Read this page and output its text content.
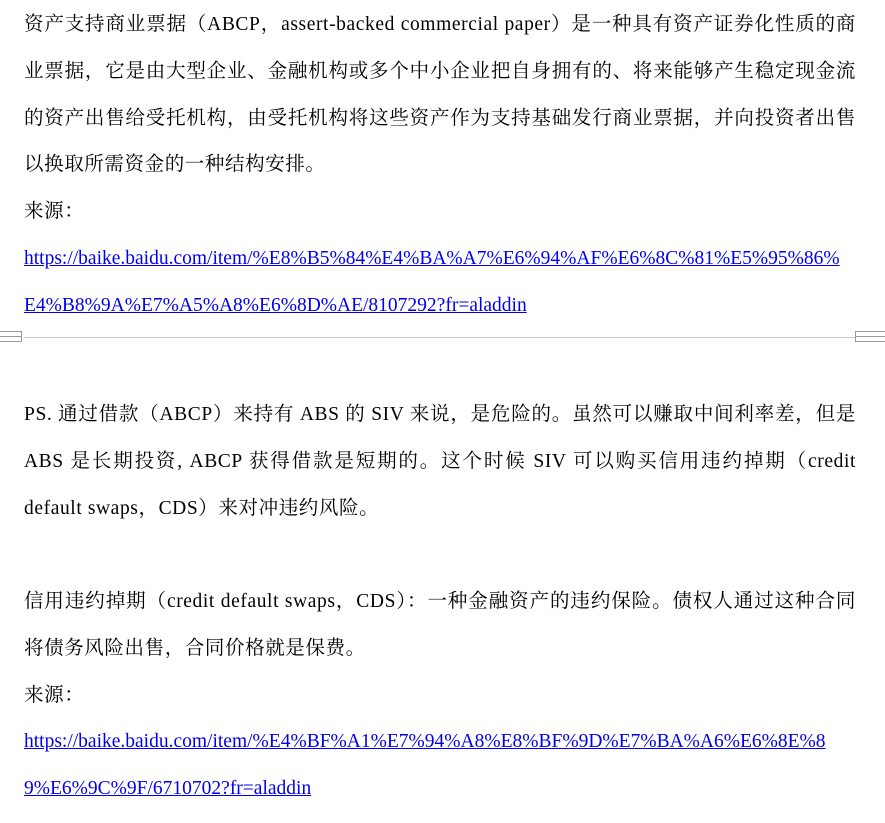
资产支持商业票据（ABCP，assert-backed commercial paper）是一种具有资产证券化性质的商业票据，它是由大型企业、金融机构或多个中小企业把自身拥有的、将来能够产生稳定现金流的资产出售给受托机构，由受托机构将这些资产作为支持基础发行商业票据，并向投资者出售以换取所需资金的一种结构安排。

来源：

https://baike.baidu.com/item/%E8%B5%84%E4%BA%A7%E6%94%AF%E6%8C%81%E5%95%86%E4%B8%9A%E7%A5%A8%E6%8D%AE/8107292?fr=aladdin

PS. 通过借款（ABCP）来持有 ABS 的 SIV 来说，是危险的。虽然可以赚取中间利率差，但是 ABS 是长期投资, ABCP 获得借款是短期的。这个时候 SIV 可以购买信用违约掉期（credit default swaps，CDS）来对冲违约风险。

信用违约掉期（credit default swaps，CDS）：一种金融资产的违约保险。债权人通过这种合同将债务风险出售，合同价格就是保费。

来源：

https://baike.baidu.com/item/%E4%BF%A1%E7%94%A8%E8%BF%9D%E7%BA%A6%E6%8E%89%E6%9C%9F/6710702?fr=aladdin
